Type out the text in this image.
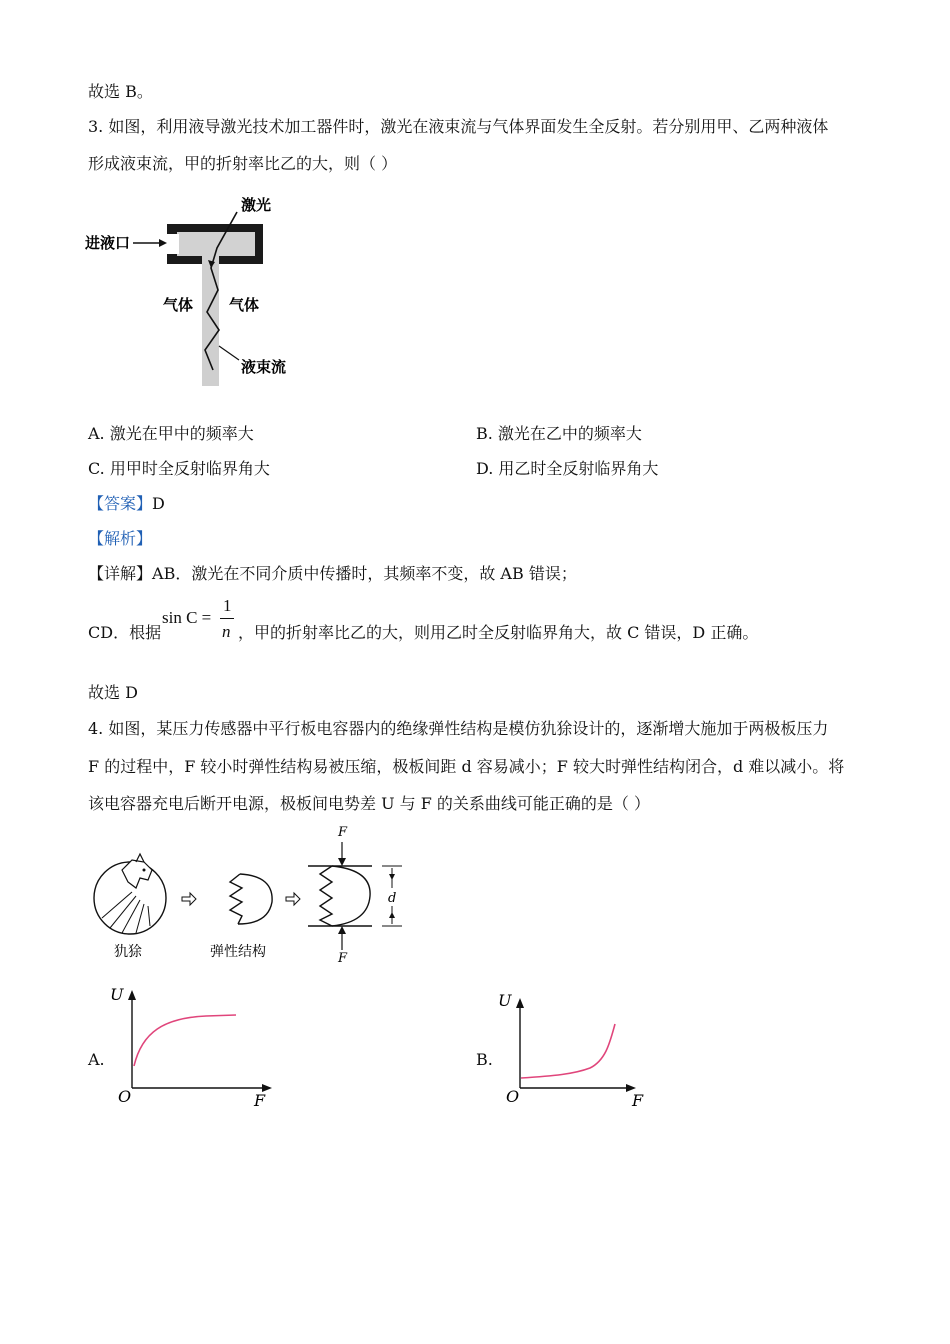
故选 B。
3. 如图，利用液导激光技术加工器件时，激光在液束流与气体界面发生全反射。若分别用甲、乙两种液体
形成液束流，甲的折射率比乙的大，则（ ）
激光
进液口
气体 气体
液束流
A. 激光在甲中的频率大	B. 激光在乙中的频率大
C. 用甲时全反射临界角大	D. 用乙时全反射临界角大
【答案】D
【解析】
【详解】AB．激光在不同介质中传播时，其频率不变，故 AB 错误；
CD．根据
sin C =
1
n ，甲的折射率比乙的大，则用乙时全反射临界角大，故 C 错误，D 正确。
故选 D
4. 如图，某压力传感器中平行板电容器内的绝缘弹性结构是模仿犰狳设计的，逐渐增大施加于两极板压力
F 的过程中，F 较小时弹性结构易被压缩，极板间距 d 容易减小；F 较大时弹性结构闭合，d 难以减小。将
该电容器充电后断开电源，极板间电势差 U 与 F 的关系曲线可能正确的是（ ）
F
F
d
犰狳	弹性结构
A.
U
F
O
B.
U
F
O
